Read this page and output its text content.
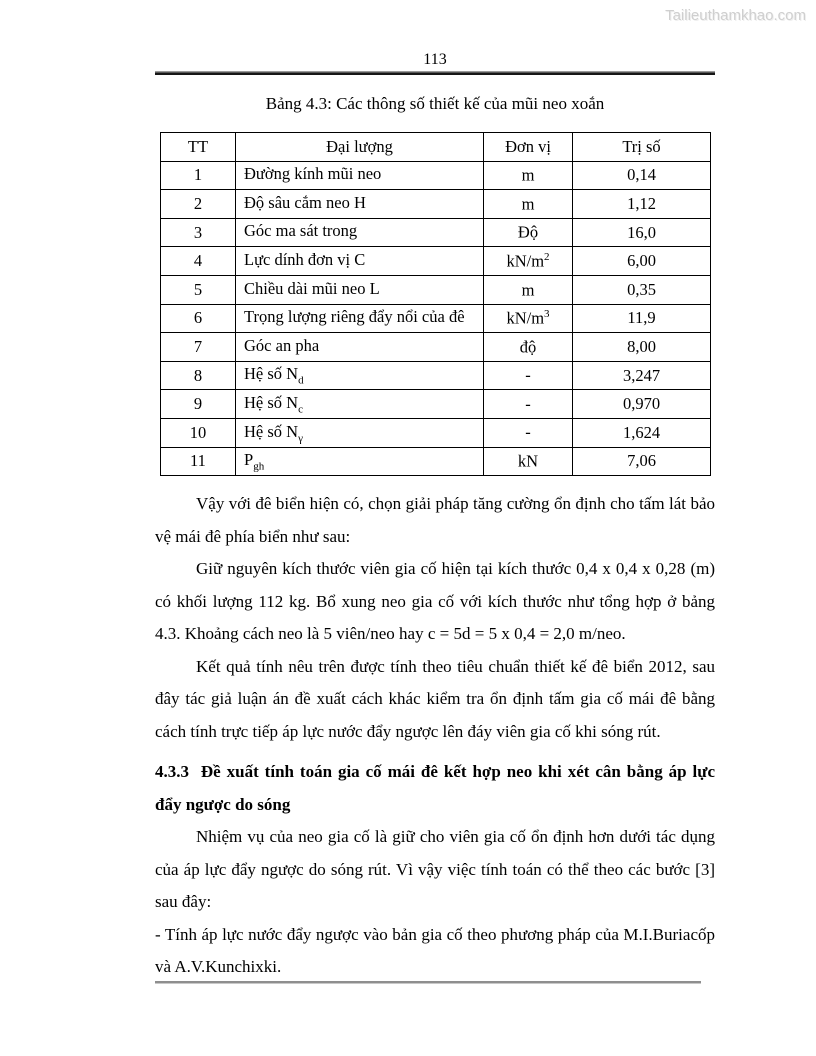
Tailieuthamkhao.com
113
Bảng 4.3: Các thông số thiết kế của mũi neo xoắn
TT	Đại lượng	Đơn vị	Trị số
1	Đường kính mũi neo	m	0,14
2	Độ sâu cắm neo H	m	1,12
3	Góc ma sát trong	Độ	16,0
4	Lực dính đơn vị C	$kN/m^2$	6,00
5	Chiều dài mũi neo L	m	0,35
6	Trọng lượng riêng đẩy nổi của đê	$kN/m^3$	11,9
7	Góc an pha	độ	8,00
8	Hệ số $N_d$	-	3,247
9	Hệ số $N_c$	-	0,970
10	Hệ số $N_\gamma$	-	1,624
11	$P_{gh}$	kN	7,06

Vậy với đê biển hiện có, chọn giải pháp tăng cường ổn định cho tấm lát bảo vệ mái đê phía biển như sau:

Giữ nguyên kích thước viên gia cố hiện tại kích thước 0,4 x 0,4 x 0,28 (m) có khối lượng 112 kg. Bổ xung neo gia cố với kích thước như tổng hợp ở bảng 4.3. Khoảng cách neo là 5 viên/neo hay c = 5d = 5 x 0,4 = 2,0 m/neo.

Kết quả tính nêu trên được tính theo tiêu chuẩn thiết kế đê biển 2012, sau đây tác giả luận án đề xuất cách khác kiểm tra ổn định tấm gia cố mái đê bằng cách tính trực tiếp áp lực nước đẩy ngược lên đáy viên gia cố khi sóng rút.

4.3.3  Đề xuất tính toán gia cố mái đê kết hợp neo khi xét cân bằng áp lực đẩy ngược do sóng

Nhiệm vụ của neo gia cố là giữ cho viên gia cố ổn định hơn dưới tác dụng của áp lực đẩy ngược do sóng rút. Vì vậy việc tính toán có thể theo các bước [3] sau đây:

- Tính áp lực nước đẩy ngược vào bản gia cố theo phương pháp của M.I.Buriacốp và A.V.Kunchixki.
